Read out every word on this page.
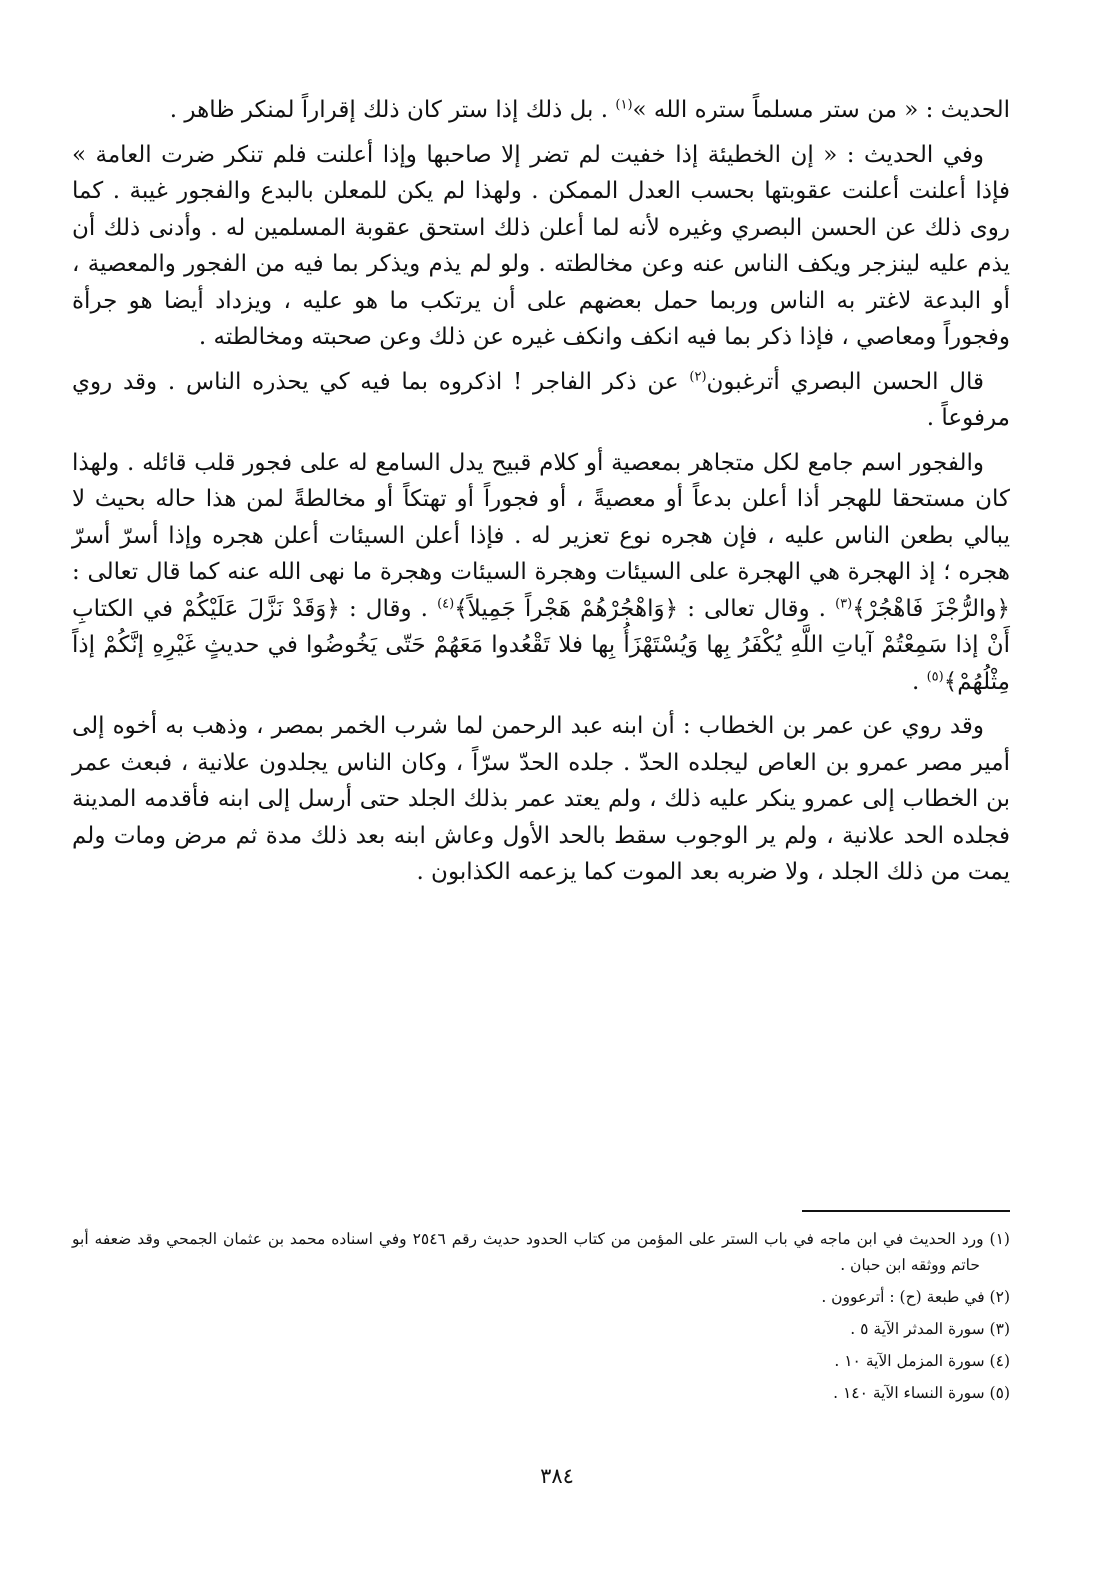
الحديث : « من ستر مسلماً ستره الله »$^{(١)}$ . بل ذلك إذا ستر كان ذلك إقراراً لمنكر ظاهر .

وفي الحديث : « إن الخطيئة إذا خفيت لم تضر إلا صاحبها وإذا أعلنت فلم تنكر ضرت العامة » فإذا أعلنت أعلنت عقوبتها بحسب العدل الممكن . ولهذا لم يكن للمعلن بالبدع والفجور غيبة . كما روى ذلك عن الحسن البصري وغيره لأنه لما أعلن ذلك استحق عقوبة المسلمين له . وأدنى ذلك أن يذم عليه لينزجر ويكف الناس عنه وعن مخالطته . ولو لم يذم ويذكر بما فيه من الفجور والمعصية ، أو البدعة لاغتر به الناس وربما حمل بعضهم على أن يرتكب ما هو عليه ، ويزداد أيضا هو جرأة وفجوراً ومعاصي ، فإذا ذكر بما فيه انكف وانكف غيره عن ذلك وعن صحبته ومخالطته .

قال الحسن البصري أترغبون$^{(٢)}$ عن ذكر الفاجر ! اذكروه بما فيه كي يحذره الناس . وقد روي مرفوعاً .

والفجور اسم جامع لكل متجاهر بمعصية أو كلام قبيح يدل السامع له على فجور قلب قائله . ولهذا كان مستحقا للهجر أذا أعلن بدعاً أو معصيةً ، أو فجوراً أو تهتكاً أو مخالطةً لمن هذا حاله بحيث لا يبالي بطعن الناس عليه ، فإن هجره نوع تعزير له . فإذا أعلن السيئات أعلن هجره وإذا أسرّ أسرّ هجره ؛ إذ الهجرة هي الهجرة على السيئات وهجرة السيئات وهجرة ما نهى الله عنه كما قال تعالى : ﴿والرُّجْزَ فَاهْجُرْ﴾$^{(٣)}$ . وقال تعالى : ﴿وَاهْجُرْهُمْ هَجْراً جَمِيلاً﴾$^{(٤)}$ . وقال : ﴿وَقَدْ نَزَّلَ عَلَيْكُمْ في الكتابِ أَنْ إذا سَمِعْتُمْ آياتِ اللَّهِ يُكْفَرُ بِها وَيُسْتَهْزَأُ بِها فلا تَقْعُدوا مَعَهُمْ حَتّى يَخُوضُوا في حديثٍ غَيْرِهِ إنَّكُمْ إذاً مِثْلُهُمْ﴾$^{(٥)}$ .

وقد روي عن عمر بن الخطاب : أن ابنه عبد الرحمن لما شرب الخمر بمصر ، وذهب به أخوه إلى أمير مصر عمرو بن العاص ليجلده الحدّ . جلده الحدّ سرّاً ، وكان الناس يجلدون علانية ، فبعث عمر بن الخطاب إلى عمرو ينكر عليه ذلك ، ولم يعتد عمر بذلك الجلد حتى أرسل إلى ابنه فأقدمه المدينة فجلده الحد علانية ، ولم ير الوجوب سقط بالحد الأول وعاش ابنه بعد ذلك مدة ثم مرض ومات ولم يمت من ذلك الجلد ، ولا ضربه بعد الموت كما يزعمه الكذابون .

(١) ورد الحديث في ابن ماجه في باب الستر على المؤمن من كتاب الحدود حديث رقم ٢٥٤٦ وفي اسناده محمد بن عثمان الجمحي وقد ضعفه أبو حاتم ووثقه ابن حبان .

(٢) في طبعة (ح) : أترعوون .

(٣) سورة المدثر الآية ٥ .

(٤) سورة المزمل الآية ١٠ .

(٥) سورة النساء الآية ١٤٠ .

٣٨٤
